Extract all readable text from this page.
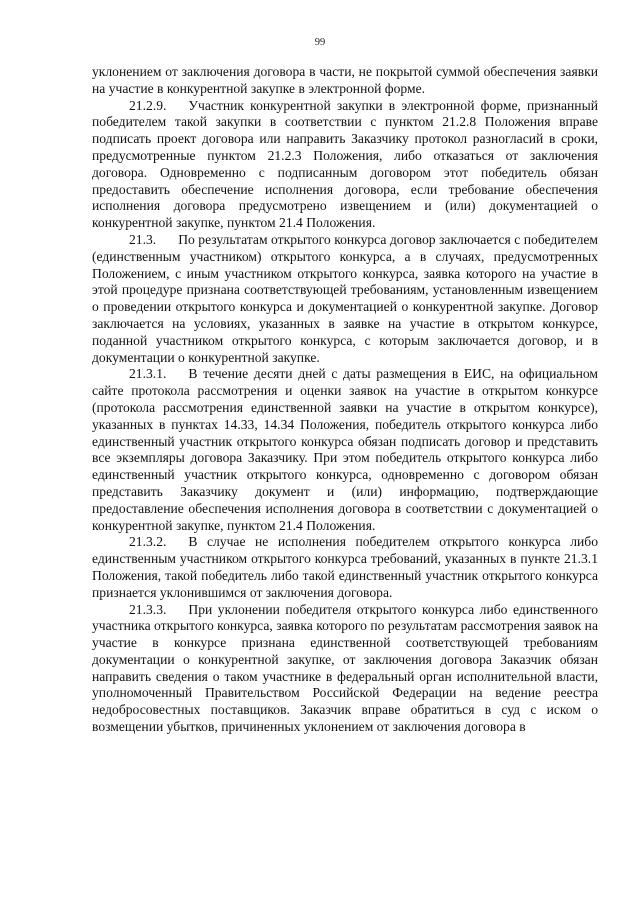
99

уклонением от заключения договора в части, не покрытой суммой обеспечения заявки на участие в конкурентной закупке в электронной форме.

21.2.9. Участник конкурентной закупки в электронной форме, признанный победителем такой закупки в соответствии с пунктом 21.2.8 Положения вправе подписать проект договора или направить Заказчику протокол разногласий в сроки, предусмотренные пунктом 21.2.3 Положения, либо отказаться от заключения договора. Одновременно с подписанным договором этот победитель обязан предоставить обеспечение исполнения договора, если требование обеспечения исполнения договора предусмотрено извещением и (или) документацией о конкурентной закупке, пунктом 21.4 Положения.

21.3. По результатам открытого конкурса договор заключается с победителем (единственным участником) открытого конкурса, а в случаях, предусмотренных Положением, с иным участником открытого конкурса, заявка которого на участие в этой процедуре признана соответствующей требованиям, установленным извещением о проведении открытого конкурса и документацией о конкурентной закупке. Договор заключается на условиях, указанных в заявке на участие в открытом конкурсе, поданной участником открытого конкурса, с которым заключается договор, и в документации о конкурентной закупке.

21.3.1. В течение десяти дней с даты размещения в ЕИС, на официальном сайте протокола рассмотрения и оценки заявок на участие в открытом конкурсе (протокола рассмотрения единственной заявки на участие в открытом конкурсе), указанных в пунктах 14.33, 14.34 Положения, победитель открытого конкурса либо единственный участник открытого конкурса обязан подписать договор и представить все экземпляры договора Заказчику. При этом победитель открытого конкурса либо единственный участник открытого конкурса, одновременно с договором обязан представить Заказчику документ и (или) информацию, подтверждающие предоставление обеспечения исполнения договора в соответствии с документацией о конкурентной закупке, пунктом 21.4 Положения.

21.3.2. В случае не исполнения победителем открытого конкурса либо единственным участником открытого конкурса требований, указанных в пункте 21.3.1 Положения, такой победитель либо такой единственный участник открытого конкурса признается уклонившимся от заключения договора.

21.3.3. При уклонении победителя открытого конкурса либо единственного участника открытого конкурса, заявка которого по результатам рассмотрения заявок на участие в конкурсе признана единственной соответствующей требованиям документации о конкурентной закупке, от заключения договора Заказчик обязан направить сведения о таком участнике в федеральный орган исполнительной власти, уполномоченный Правительством Российской Федерации на ведение реестра недобросовестных поставщиков. Заказчик вправе обратиться в суд с иском о возмещении убытков, причиненных уклонением от заключения договора в
